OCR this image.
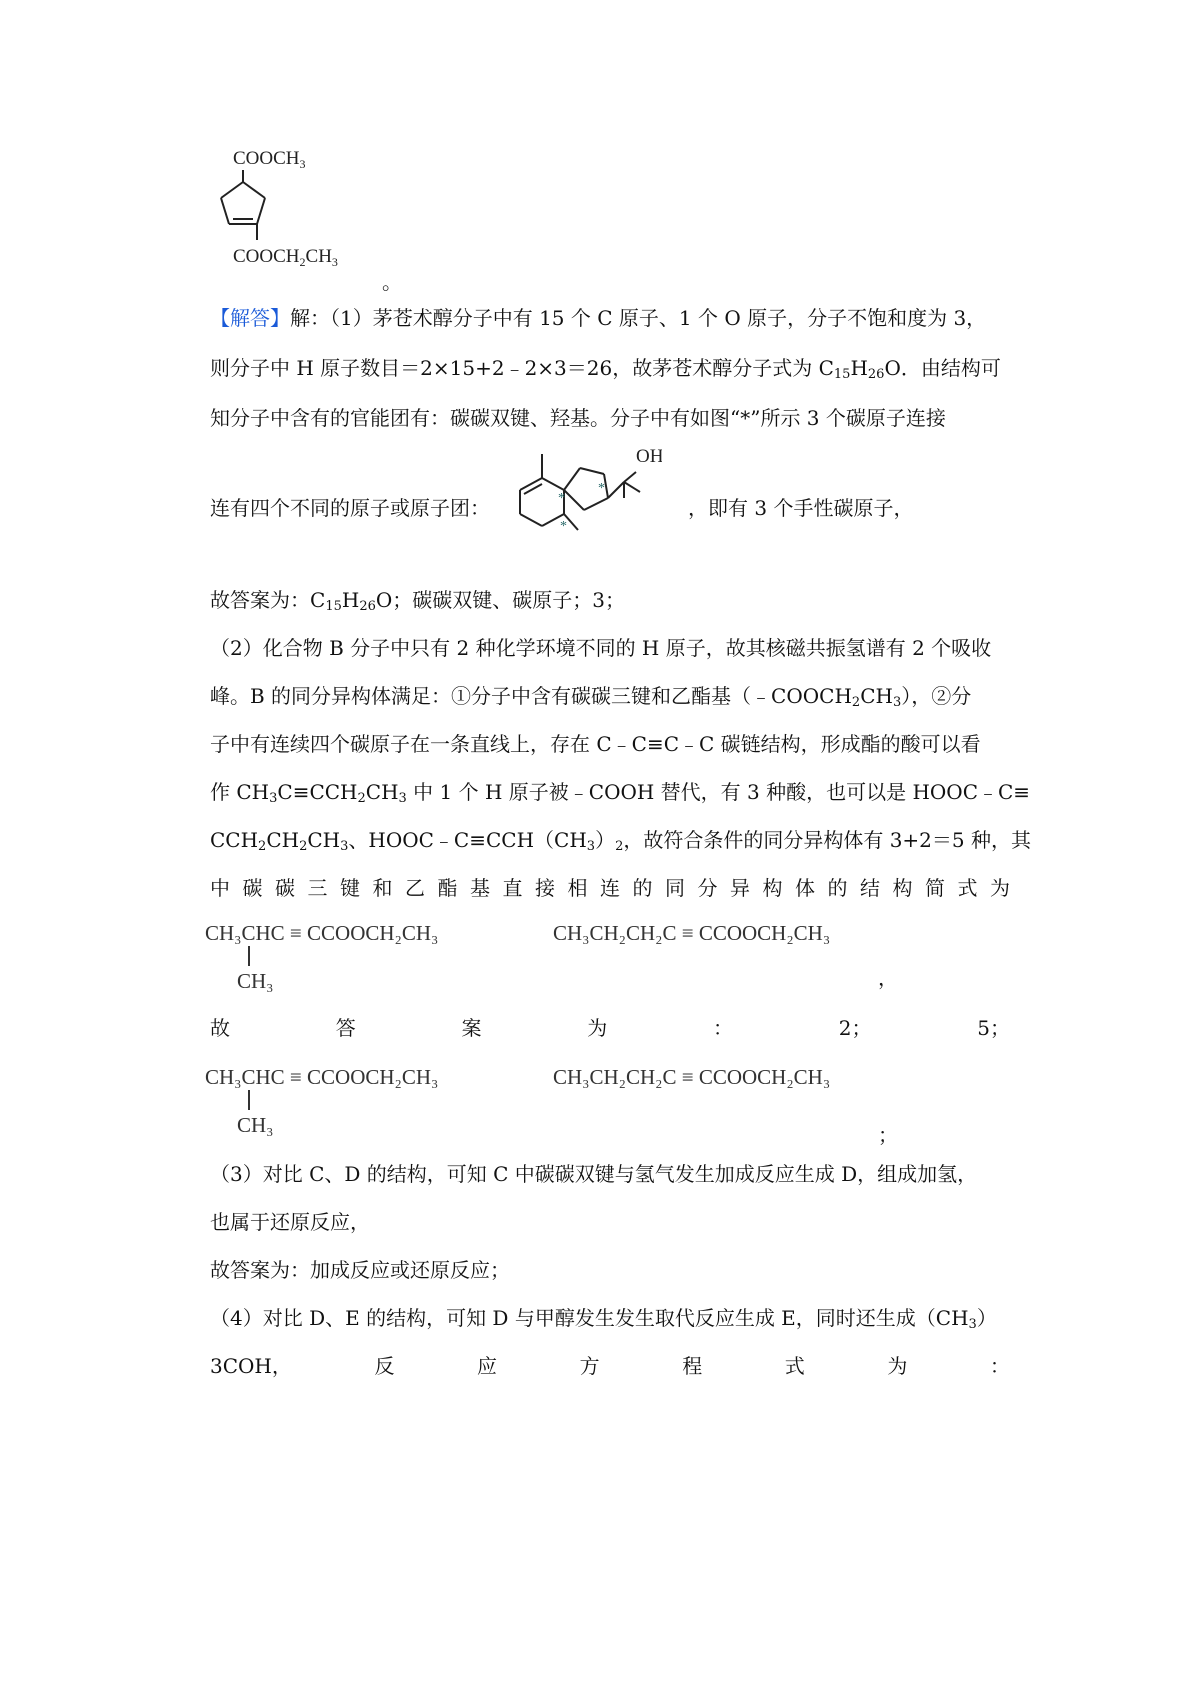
$COOCH_3$
$COOCH_2CH_3$
。
【解答】解：（1）茅苍术醇分子中有 15 个 C 原子、1 个 O 原子，分子不饱和度为 3，
则分子中 H 原子数目＝2×15+2﹣2×3＝26，故茅苍术醇分子式为 $C_{15}H_{26}O$．由结构可
知分子中含有的官能团有：碳碳双键、羟基。分子中有如图“*”所示 3 个碳原子连接
OH
*
*
*
连有四个不同的原子或原子团：	，即有 3 个手性碳原子，
故答案为：$C_{15}H_{26}O$；碳碳双键、碳原子；3；
（2）化合物 B 分子中只有 2 种化学环境不同的 H 原子，故其核磁共振氢谱有 2 个吸收
峰。B 的同分异构体满足：①分子中含有碳碳三键和乙酯基$(﹣COOCH_2CH_3)$，②分
子中有连续四个碳原子在一条直线上，存在 C﹣C≡C﹣C 碳链结构，形成酯的酸可以看
作 $CH_3C\equiv CCH_2CH_3$ 中 1 个 H 原子被﹣COOH 替代，有 3 种酸，也可以是 HOOC﹣C≡
$CCH_2CH_2CH_3$、$HOOC﹣C\equiv CCH(CH_3)_2$，故符合条件的同分异构体有 3+2＝5 种，其
中 碳 碳 三 键 和 乙 酯 基 直 接 相 连 的 同 分 异 构 体 的 结 构 简 式 为
CH₃CHC ≡ CCOOCH₂CH₃
CH₃
CH₃CH₂CH₂C ≡ CCOOCH₂CH₃
，
故	答	案	为	：	2；	5；
CH₃CHC ≡ CCOOCH₂CH₃
CH₃
CH₃CH₂CH₂C ≡ CCOOCH₂CH₃
；
（3）对比 C、D 的结构，可知 C 中碳碳双键与氢气发生加成反应生成 D，组成加氢，
也属于还原反应，
故答案为：加成反应或还原反应；
（4）对比 D、E 的结构，可知 D 与甲醇发生发生取代反应生成 E，同时还生成$(CH_3)$
3COH，	反	应	方	程	式	为	：
